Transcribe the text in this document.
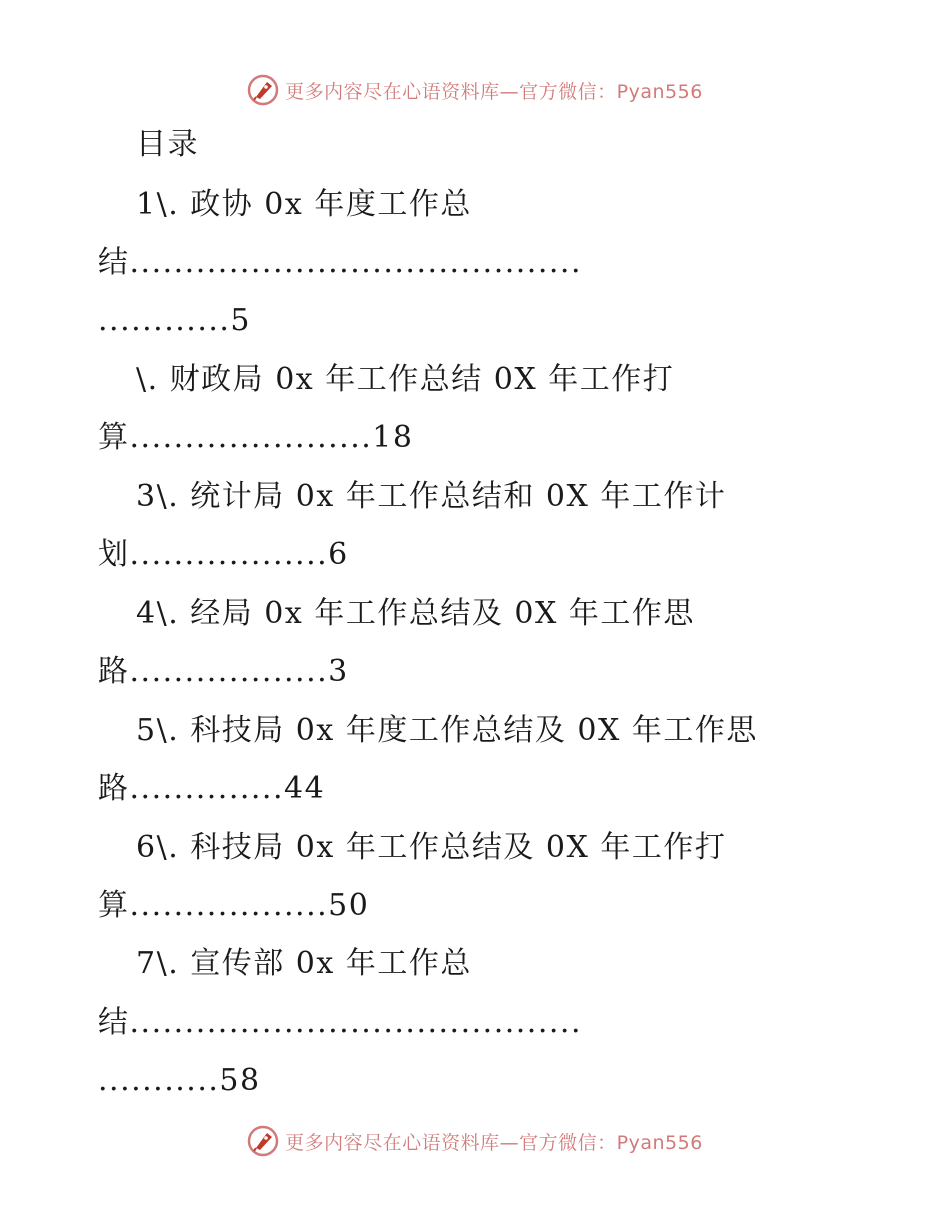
更多内容尽在心语资料库—官方微信：Pyan556
目录
1\. 政协 0x 年度工作总
结.........................................
............5
\. 财政局 0x 年工作总结 0X 年工作打
算......................18
3\. 统计局 0x 年工作总结和 0X 年工作计
划..................6
4\. 经局 0x 年工作总结及 0X 年工作思
路..................3
5\. 科技局 0x 年度工作总结及 0X 年工作思
路..............44
6\. 科技局 0x 年工作总结及 0X 年工作打
算..................50
7\. 宣传部 0x 年工作总
结.........................................
...........58
更多内容尽在心语资料库—官方微信：Pyan556
